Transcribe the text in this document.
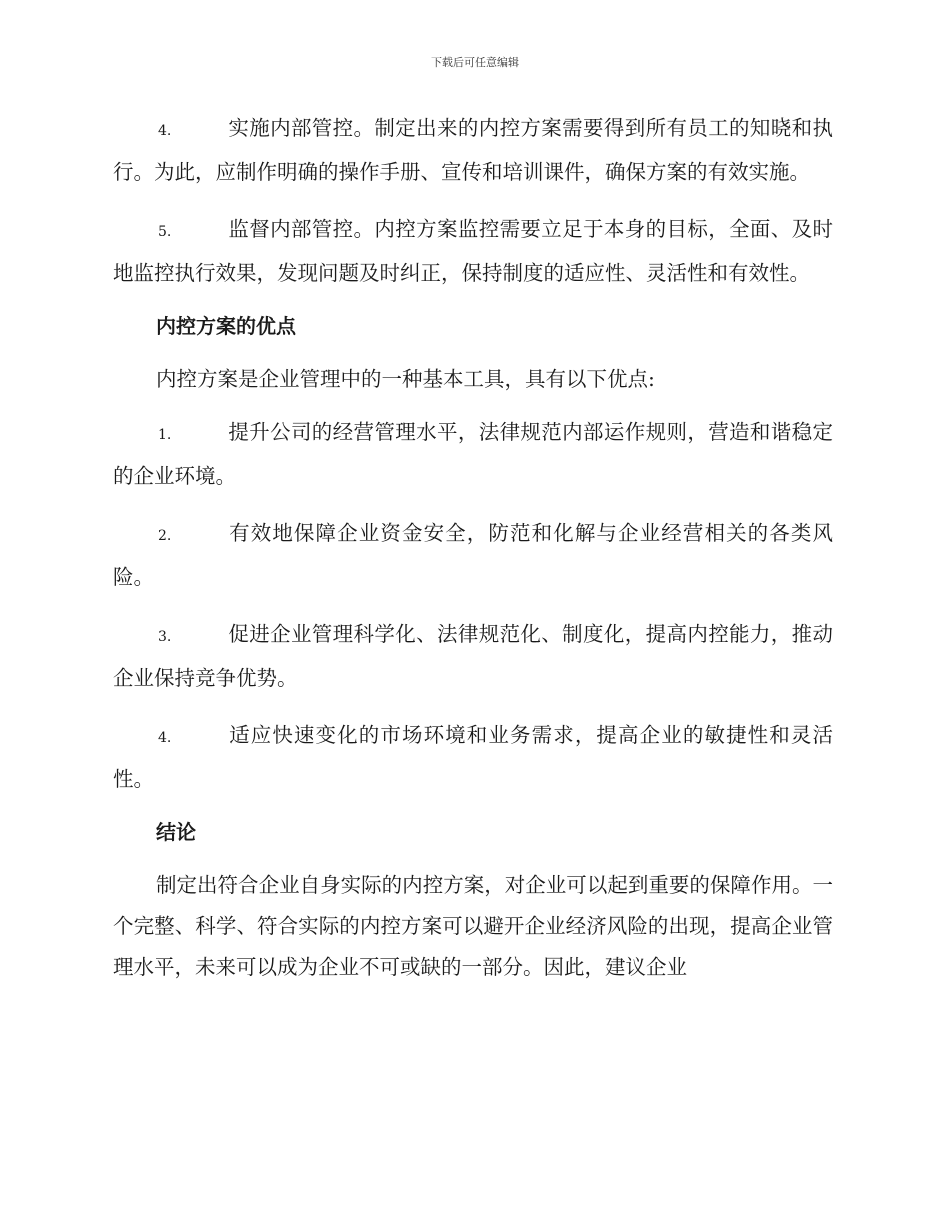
下载后可任意编辑

4.	实施内部管控。制定出来的内控方案需要得到所有员工的知晓和执行。为此，应制作明确的操作手册、宣传和培训课件，确保方案的有效实施。

5.	监督内部管控。内控方案监控需要立足于本身的目标，全面、及时地监控执行效果，发现问题及时纠正，保持制度的适应性、灵活性和有效性。

内控方案的优点

内控方案是企业管理中的一种基本工具，具有以下优点:

1.	提升公司的经营管理水平，法律规范内部运作规则，营造和谐稳定的企业环境。

2.	有效地保障企业资金安全，防范和化解与企业经营相关的各类风险。

3.	促进企业管理科学化、法律规范化、制度化，提高内控能力，推动企业保持竞争优势。

4.	适应快速变化的市场环境和业务需求，提高企业的敏捷性和灵活性。

结论

制定出符合企业自身实际的内控方案，对企业可以起到重要的保障作用。一个完整、科学、符合实际的内控方案可以避开企业经济风险的出现，提高企业管理水平，未来可以成为企业不可或缺的一部分。因此，建议企业
